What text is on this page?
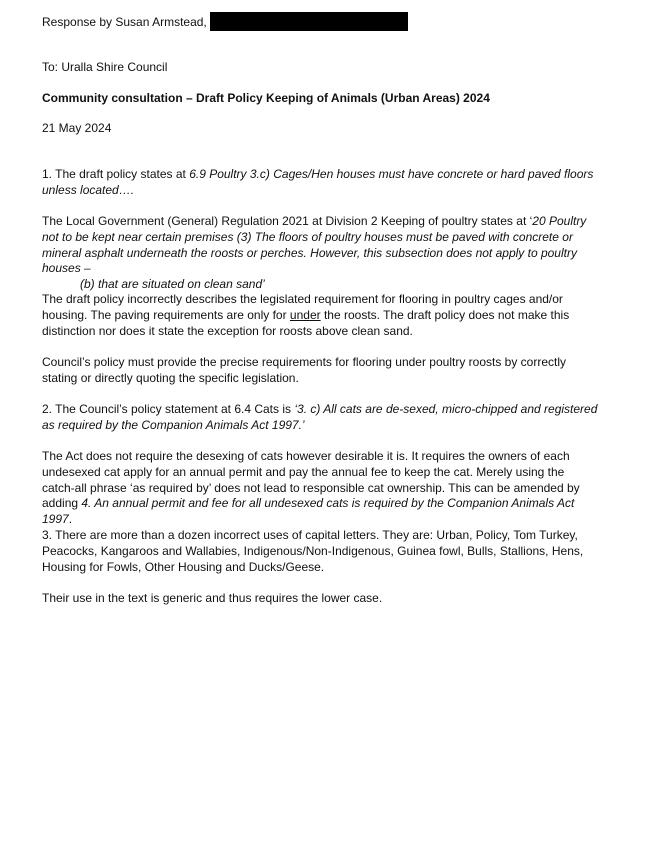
Response by Susan Armstead,

To: Uralla Shire Council

Community consultation – Draft Policy Keeping of Animals (Urban Areas) 2024

21 May 2024

1. The draft policy states at 6.9 Poultry 3.c) Cages/Hen houses must have concrete or hard paved floors unless located….

The Local Government (General) Regulation 2021 at Division 2 Keeping of poultry states at ‘20 Poultry not to be kept near certain premises (3) The floors of poultry houses must be paved with concrete or mineral asphalt underneath the roosts or perches. However, this subsection does not apply to poultry houses –
(b) that are situated on clean sand’

The draft policy incorrectly describes the legislated requirement for flooring in poultry cages and/or housing. The paving requirements are only for under the roosts. The draft policy does not make this distinction nor does it state the exception for roosts above clean sand.

Council’s policy must provide the precise requirements for flooring under poultry roosts by correctly stating or directly quoting the specific legislation.

2. The Council’s policy statement at 6.4 Cats is ‘3. c) All cats are de-sexed, micro-chipped and registered as required by the Companion Animals Act 1997.’

The Act does not require the desexing of cats however desirable it is. It requires the owners of each undesexed cat apply for an annual permit and pay the annual fee to keep the cat. Merely using the catch-all phrase ‘as required by’ does not lead to responsible cat ownership. This can be amended by adding 4. An annual permit and fee for all undesexed cats is required by the Companion Animals Act 1997.

3. There are more than a dozen incorrect uses of capital letters. They are: Urban, Policy, Tom Turkey, Peacocks, Kangaroos and Wallabies, Indigenous/Non-Indigenous, Guinea fowl, Bulls, Stallions, Hens, Housing for Fowls, Other Housing and Ducks/Geese.

Their use in the text is generic and thus requires the lower case.
